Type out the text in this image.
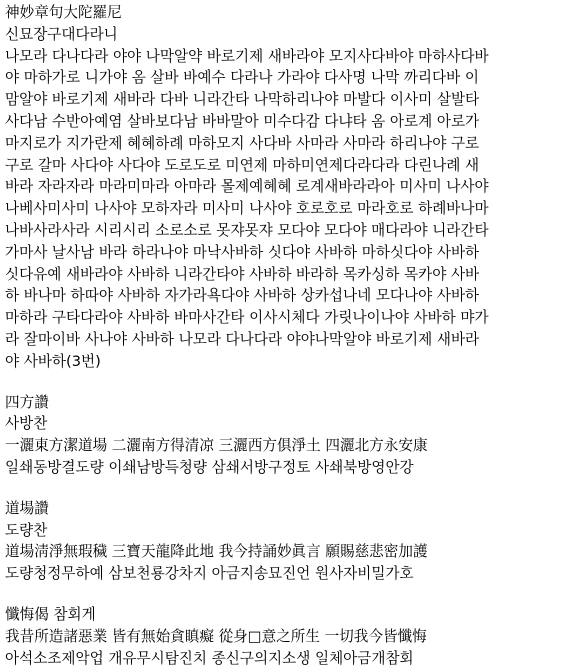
神妙章句大陀羅尼
신묘장구대다라니
나모라 다나다라 야야 나막알약 바로기제 새바라야 모지사다바야 마하사다바
야 마하가로 니가야 옴 살바 바예수 다라나 가라야 다사명 나막 까리다바 이
맘알야 바로기제 새바라 다바 니라간타 나막하리나야 마발다 이사미 살발타
사다남 수반아예염 살바보다남 바바말아 미수다감 다냐타 옴 아로계 아로가
마지로가 지가란제 혜혜하례 마하모지 사다바 사마라 사마라 하리나야 구로
구로 갈마 사다야 사다야 도로도로 미연제 마하미연제다라다라 다린나례 새
바라 자라자라 마라미마라 아마라 몰제예혜혜 로계새바라라아 미사미 나사야
나베사미사미 나사야 모하자라 미사미 나사야 호로호로 마라호로 하례바나마
나바사라사라 시리시리 소로소로 못쟈못쟈 모다야 모다야 매다라야 니라간타
가마사 날사남 바라 하라나야 마낙사바하 싯다야 사바하 마하싯다야 사바하
싯다유예 새바라야 사바하 니라간타야 사바하 바라하 목카싱하 목카야 사바
하 바나마 하따야 사바하 자가라욕다야 사바하 상카섭나네 모다나야 사바하
마하라 구타다라야 사바하 바마사간타 이사시체다 가릿나이나야 사바하 먀가
라 잘마이바 사나야 사바하 나모라 다나다라 야야나막알야 바로기제 새바라
야 사바하(3번)
四方讚
사방찬
一灑東方潔道場 二灑南方得清凉 三灑西方俱淨土 四灑北方永安康
일쇄동방결도량 이쇄남방득청량 삼쇄서방구정토 사쇄북방영안강
道場讚
도량찬
道場淸淨無瑕穢 三寶天龍降此地 我今持誦妙眞言 願賜慈悲密加護
도량청정무하예 삼보천룡강차지 아금지송묘진언 원사자비밀가호
懺悔偈 참회게
我昔所造諸惡業 皆有無始貪瞋癡 從身□意之所生 一切我今皆懺悔
아석소조제악업 개유무시탐진치 종신구의지소생 일체아금개참회
